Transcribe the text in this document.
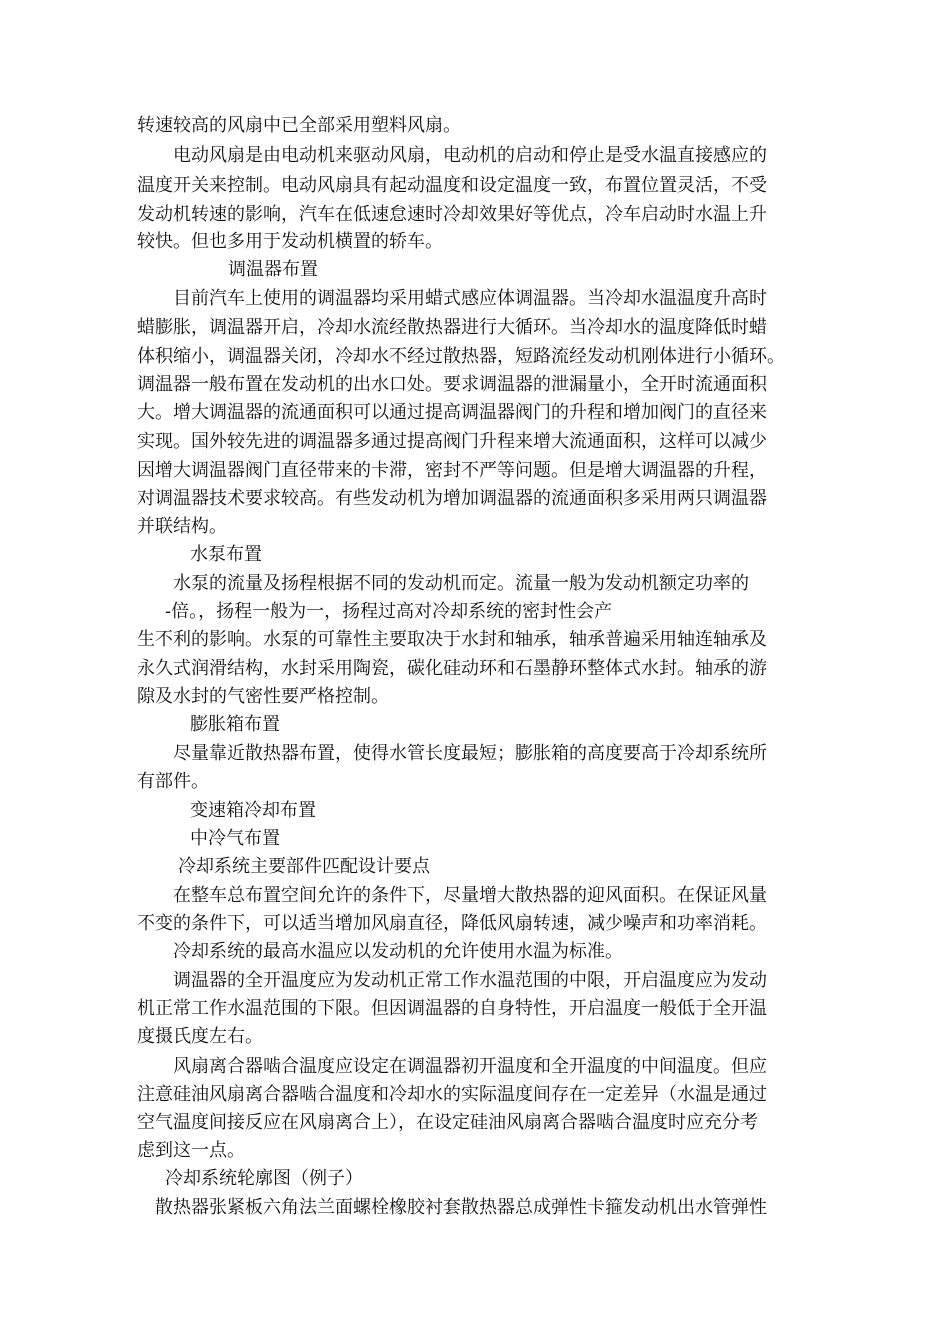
转速较高的风扇中已全部采用塑料风扇。
电动风扇是由电动机来驱动风扇，电动机的启动和停止是受水温直接感应的
温度开关来控制。电动风扇具有起动温度和设定温度一致，布置位置灵活，不受
发动机转速的影响，汽车在低速怠速时冷却效果好等优点，冷车启动时水温上升
较快。但也多用于发动机横置的轿车。
调温器布置
目前汽车上使用的调温器均采用蜡式感应体调温器。当冷却水温温度升高时
蜡膨胀，调温器开启，冷却水流经散热器进行大循环。当冷却水的温度降低时蜡
体积缩小，调温器关闭，冷却水不经过散热器，短路流经发动机刚体进行小循环。
调温器一般布置在发动机的出水口处。要求调温器的泄漏量小，全开时流通面积
大。增大调温器的流通面积可以通过提高调温器阀门的升程和增加阀门的直径来
实现。国外较先进的调温器多通过提高阀门升程来增大流通面积，这样可以减少
因增大调温器阀门直径带来的卡滞，密封不严等问题。但是增大调温器的升程，
对调温器技术要求较高。有些发动机为增加调温器的流通面积多采用两只调温器
并联结构。
水泵布置
水泵的流量及扬程根据不同的发动机而定。流量一般为发动机额定功率的
-倍。，扬程一般为一，扬程过高对冷却系统的密封性会产
生不利的影响。水泵的可靠性主要取决于水封和轴承，轴承普遍采用轴连轴承及
永久式润滑结构，水封采用陶瓷，碳化硅动环和石墨静环整体式水封。轴承的游
隙及水封的气密性要严格控制。
膨胀箱布置
尽量靠近散热器布置，使得水管长度最短；膨胀箱的高度要高于冷却系统所
有部件。
变速箱冷却布置
中冷气布置
冷却系统主要部件匹配设计要点
在整车总布置空间允许的条件下，尽量增大散热器的迎风面积。在保证风量
不变的条件下，可以适当增加风扇直径，降低风扇转速，减少噪声和功率消耗。
冷却系统的最高水温应以发动机的允许使用水温为标准。
调温器的全开温度应为发动机正常工作水温范围的中限，开启温度应为发动
机正常工作水温范围的下限。但因调温器的自身特性，开启温度一般低于全开温
度摄氏度左右。
风扇离合器啮合温度应设定在调温器初开温度和全开温度的中间温度。但应
注意硅油风扇离合器啮合温度和冷却水的实际温度间存在一定差异（水温是通过
空气温度间接反应在风扇离合上），在设定硅油风扇离合器啮合温度时应充分考
虑到这一点。
冷却系统轮廓图（例子）
散热器张紧板六角法兰面螺栓橡胶衬套散热器总成弹性卡箍发动机出水管弹性
